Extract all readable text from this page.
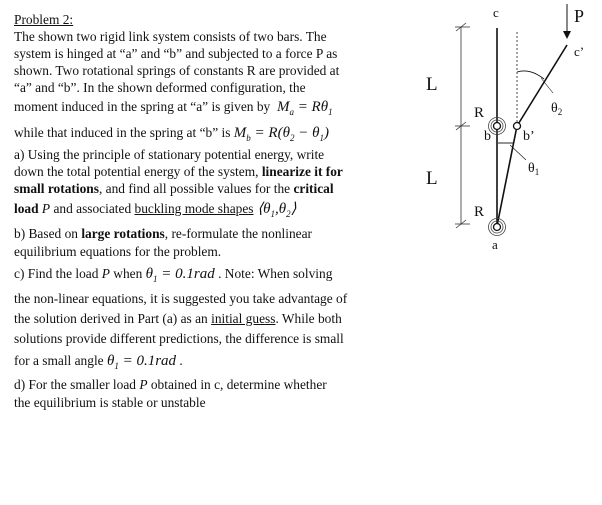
Problem 2:
The shown two rigid link system consists of two bars. The
system is hinged at “a” and “b” and subjected to a force P as
shown. Two rotational springs of constants R are provided at
“a” and “b”. In the shown deformed configuration, the
moment induced in the spring at “a” is given by $M_a = R\theta_1$
while that induced in the spring at “b” is $M_b = R(\theta_2 - \theta_1)$
a) Using the principle of stationary potential energy, write
down the total potential energy of the system, linearize it for
small rotations, and find all possible values for the critical
load P and associated buckling mode shapes $⟨\theta_1,\theta_2⟩$
b) Based on large rotations, re-formulate the nonlinear
equilibrium equations for the problem.
c) Find the load P when $\theta_1 = 0.1rad$ . Note: When solving
the non-linear equations, it is suggested you take advantage of
the solution derived in Part (a) as an initial guess. While both
solutions provide different predictions, the difference is small
for a small angle $\theta_1 = 0.1rad$ .
d) For the smaller load P obtained in c, determine whether
the equilibrium is stable or unstable
L
L
c	P
c’
R
R
b b’
a
$\theta_2$
$\theta_1$
